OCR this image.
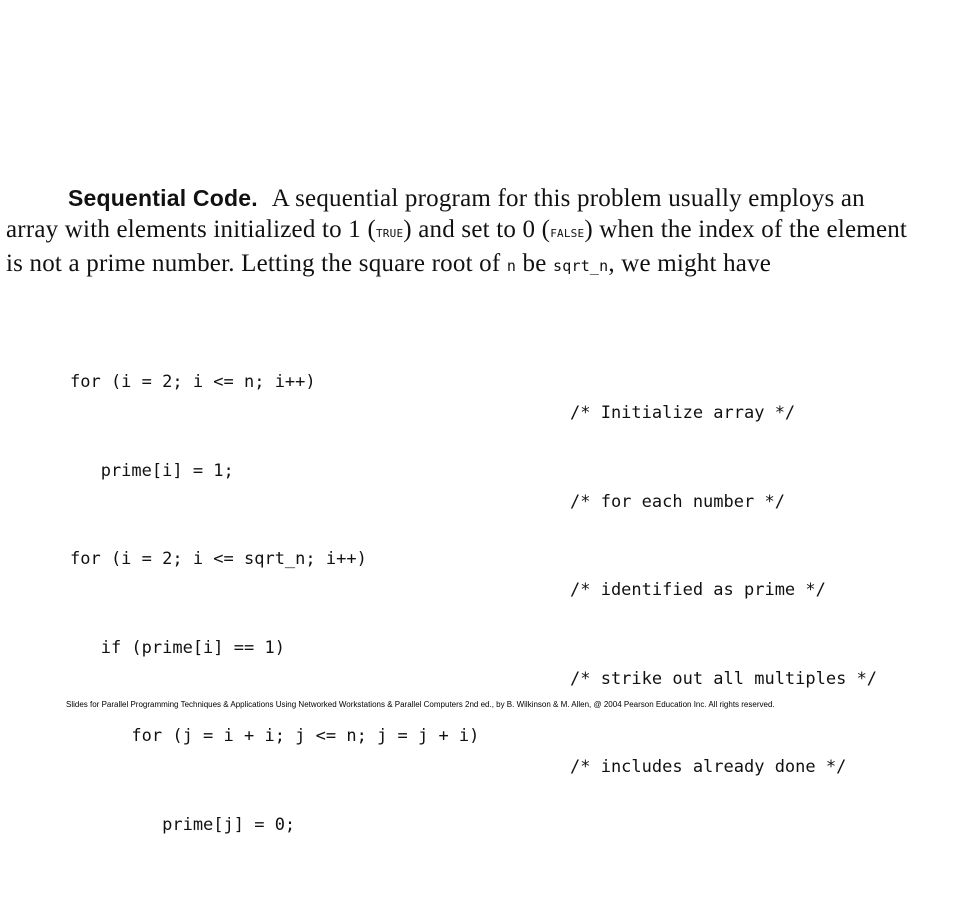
Sequential Code. A sequential program for this problem usually employs an
array with elements initialized to 1 (true) and set to 0 (false) when the index of the element
is not a prime number. Letting the square root of n be sqrt_n, we might have

for (i = 2; i <= n; i++)

prime[i] = 1;

for (i = 2; i <= sqrt_n; i++)

if (prime[i] == 1)

for (j = i + i; j <= n; j = j + i)

prime[j] = 0;

/* Initialize array */

/* for each number */

/* identified as prime */

/* strike out all multiples */

/* includes already done */

Slides for Parallel Programming Techniques & Applications Using Networked Workstations & Parallel Computers 2nd ed., by B. Wilkinson & M. Allen, @ 2004 Pearson Education Inc. All rights reserved.
